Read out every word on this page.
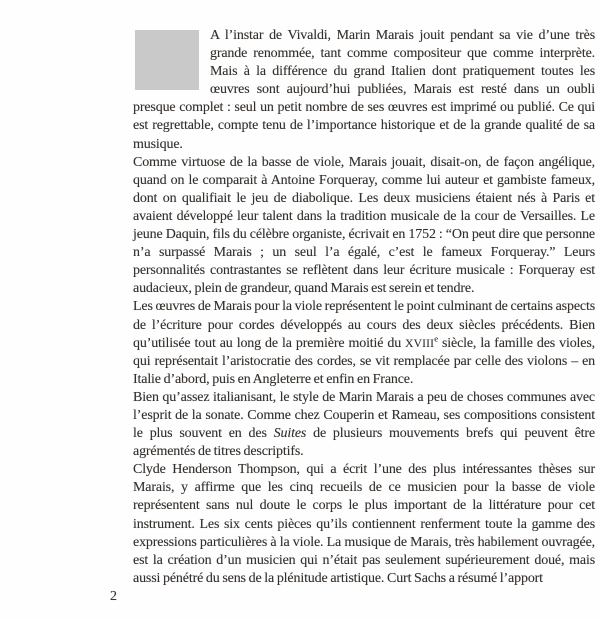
A l’instar de Vivaldi, Marin Marais jouit pendant sa vie d’une très grande renommée, tant comme compositeur que comme interprète. Mais à la différence du grand Italien dont pratiquement toutes les œuvres sont aujourd’hui publiées, Marais est resté dans un oubli presque complet : seul un petit nombre de ses œuvres est imprimé ou publié. Ce qui est regrettable, compte tenu de l’importance historique et de la grande qualité de sa musique.

Comme virtuose de la basse de viole, Marais jouait, disait-on, de façon angélique, quand on le comparait à Antoine Forqueray, comme lui auteur et gambiste fameux, dont on qualifiait le jeu de diabolique. Les deux musiciens étaient nés à Paris et avaient développé leur talent dans la tradition musicale de la cour de Versailles. Le jeune Daquin, fils du célèbre organiste, écrivait en 1752 : “On peut dire que personne n’a surpassé Marais ; un seul l’a égalé, c’est le fameux Forqueray.” Leurs personnalités contrastantes se reflètent dans leur écriture musicale : Forqueray est audacieux, plein de grandeur, quand Marais est serein et tendre.

Les œuvres de Marais pour la viole représentent le point culminant de certains aspects de l’écriture pour cordes développés au cours des deux siècles précédents. Bien qu’utilisée tout au long de la première moitié du XVIIIe siècle, la famille des violes, qui représentait l’aristocratie des cordes, se vit remplacée par celle des violons – en Italie d’abord, puis en Angleterre et enfin en France.

Bien qu’assez italianisant, le style de Marin Marais a peu de choses communes avec l’esprit de la sonate. Comme chez Couperin et Rameau, ses compositions consistent le plus souvent en des Suites de plusieurs mouvements brefs qui peuvent être agrémentés de titres descriptifs.

Clyde Henderson Thompson, qui a écrit l’une des plus intéressantes thèses sur Marais, y affirme que les cinq recueils de ce musicien pour la basse de viole représentent sans nul doute le corps le plus important de la littérature pour cet instrument. Les six cents pièces qu’ils contiennent renferment toute la gamme des expressions particulières à la viole. La musique de Marais, très habilement ouvragée, est la création d’un musicien qui n’était pas seulement supérieurement doué, mais aussi pénétré du sens de la plénitude artistique. Curt Sachs a résumé l’apport

2
